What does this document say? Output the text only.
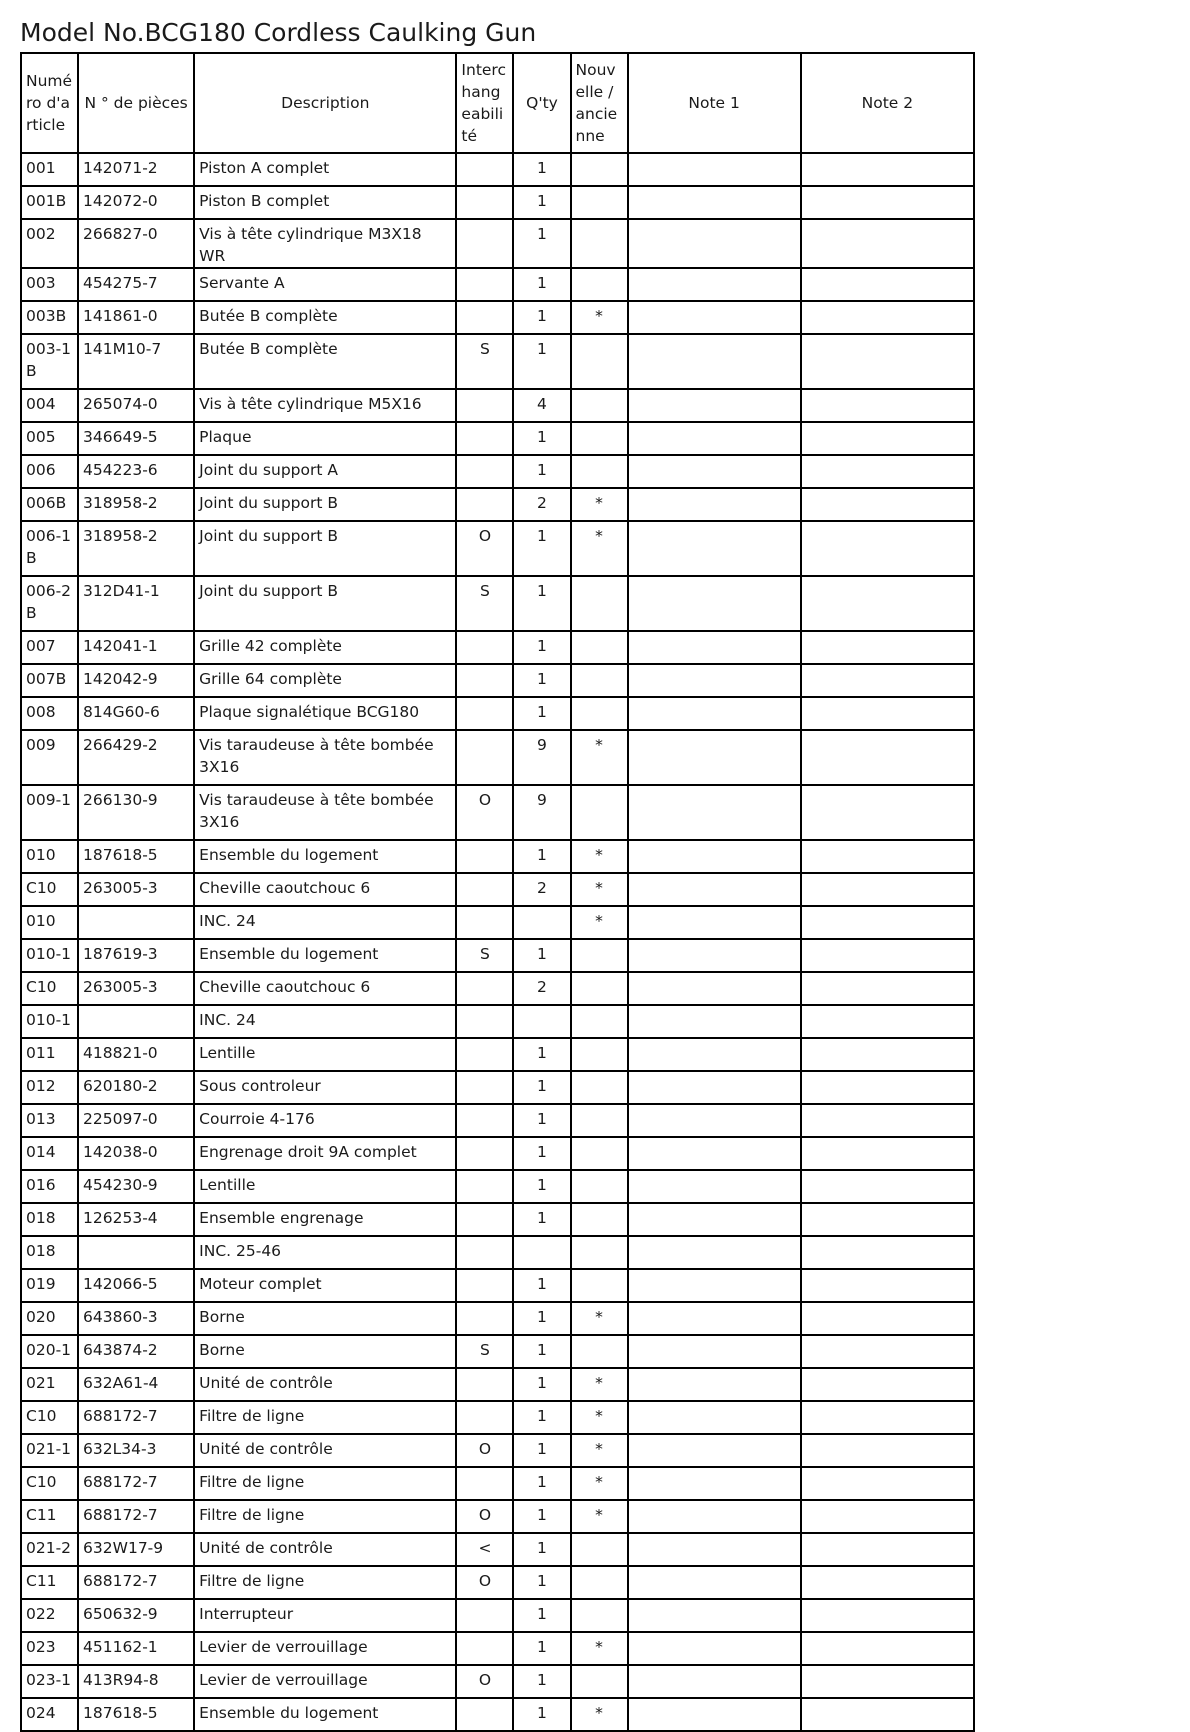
Model No.BCG180 Cordless Caulking Gun
Numéro d'article	N ° de pièces	Description	Interchangeabilité	Q'ty	Nouvelle / ancienne	Note 1	Note 2
001	142071-2	Piston A complet		1			
001B	142072-0	Piston B complet		1			
002	266827-0	Vis à tête cylindrique M3X18 WR		1			
003	454275-7	Servante A		1			
003B	141861-0	Butée B complète		1	*		
003-1B	141M10-7	Butée B complète	S	1			
004	265074-0	Vis à tête cylindrique M5X16		4			
005	346649-5	Plaque		1			
006	454223-6	Joint du support A		1			
006B	318958-2	Joint du support B		2	*		
006-1B	318958-2	Joint du support B	O	1	*		
006-2B	312D41-1	Joint du support B	S	1			
007	142041-1	Grille 42 complète		1			
007B	142042-9	Grille 64 complète		1			
008	814G60-6	Plaque signalétique BCG180		1			
009	266429-2	Vis taraudeuse à tête bombée 3X16		9	*		
009-1	266130-9	Vis taraudeuse à tête bombée 3X16	O	9			
010	187618-5	Ensemble du logement		1	*		
C10	263005-3	Cheville caoutchouc 6		2	*		
010		INC. 24			*		
010-1	187619-3	Ensemble du logement	S	1			
C10	263005-3	Cheville caoutchouc 6		2			
010-1		INC. 24					
011	418821-0	Lentille		1			
012	620180-2	Sous controleur		1			
013	225097-0	Courroie 4-176		1			
014	142038-0	Engrenage droit 9A complet		1			
016	454230-9	Lentille		1			
018	126253-4	Ensemble engrenage		1			
018		INC. 25-46					
019	142066-5	Moteur complet		1			
020	643860-3	Borne		1	*		
020-1	643874-2	Borne	S	1			
021	632A61-4	Unité de contrôle		1	*		
C10	688172-7	Filtre de ligne		1	*		
021-1	632L34-3	Unité de contrôle	O	1	*		
C10	688172-7	Filtre de ligne		1	*		
C11	688172-7	Filtre de ligne	O	1	*		
021-2	632W17-9	Unité de contrôle	<	1			
C11	688172-7	Filtre de ligne	O	1			
022	650632-9	Interrupteur		1			
023	451162-1	Levier de verrouillage		1	*		
023-1	413R94-8	Levier de verrouillage	O	1			
024	187618-5	Ensemble du logement		1	*		
